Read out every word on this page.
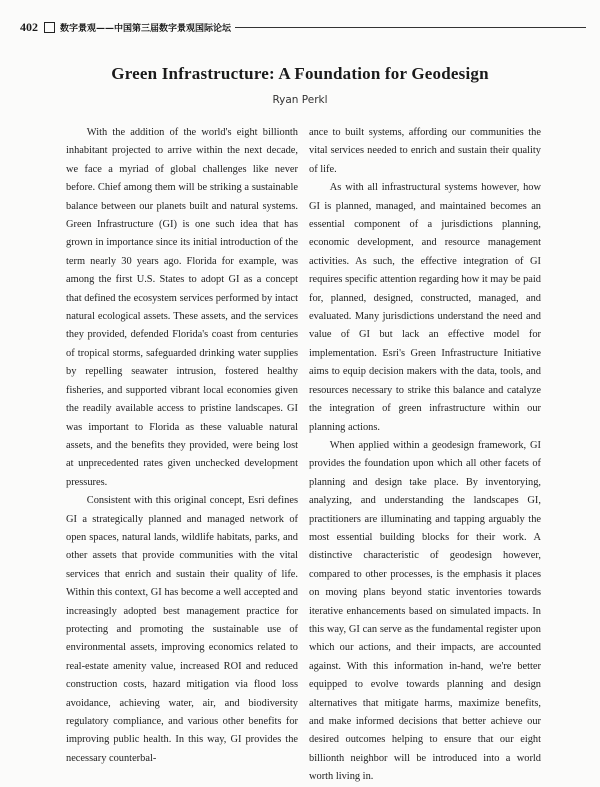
402 数字景观——中国第三届数字景观国际论坛
Green Infrastructure: A Foundation for Geodesign
Ryan Perkl

With the addition of the world's eight billionth inhabitant projected to arrive within the next decade, we face a myriad of global challenges like never before. Chief among them will be striking a sustainable balance between our planets built and natural systems. Green Infrastructure (GI) is one such idea that has grown in importance since its initial introduction of the term nearly 30 years ago. Florida for example, was among the first U.S. States to adopt GI as a concept that defined the ecosystem services performed by intact natural ecological assets. These assets, and the services they provided, defended Florida's coast from centuries of tropical storms, safeguarded drinking water supplies by repelling seawater intrusion, fostered healthy fisheries, and supported vibrant local economies given the readily available access to pristine landscapes. GI was important to Florida as these valuable natural assets, and the benefits they provided, were being lost at unprecedented rates given unchecked development pressures.

Consistent with this original concept, Esri defines GI a strategically planned and managed network of open spaces, natural lands, wildlife habitats, parks, and other assets that provide communities with the vital services that enrich and sustain their quality of life. Within this context, GI has become a well accepted and increasingly adopted best management practice for protecting and promoting the sustainable use of environmental assets, improving economics related to real-estate amenity value, increased ROI and reduced construction costs, hazard mitigation via flood loss avoidance, achieving water, air, and biodiversity regulatory compliance, and various other benefits for improving public health. In this way, GI provides the necessary counterbal-

ance to built systems, affording our communities the vital services needed to enrich and sustain their quality of life.

As with all infrastructural systems however, how GI is planned, managed, and maintained becomes an essential component of a jurisdictions planning, economic development, and resource management activities. As such, the effective integration of GI requires specific attention regarding how it may be paid for, planned, designed, constructed, managed, and evaluated. Many jurisdictions understand the need and value of GI but lack an effective model for implementation. Esri's Green Infrastructure Initiative aims to equip decision makers with the data, tools, and resources necessary to strike this balance and catalyze the integration of green infrastructure within our planning actions.

When applied within a geodesign framework, GI provides the foundation upon which all other facets of planning and design take place. By inventorying, analyzing, and understanding the landscapes GI, practitioners are illuminating and tapping arguably the most essential building blocks for their work. A distinctive characteristic of geodesign however, compared to other processes, is the emphasis it places on moving plans beyond static inventories towards iterative enhancements based on simulated impacts. In this way, GI can serve as the fundamental register upon which our actions, and their impacts, are accounted against. With this information in-hand, we're better equipped to evolve towards planning and design alternatives that mitigate harms, maximize benefits, and make informed decisions that better achieve our desired outcomes helping to ensure that our eight billionth neighbor will be introduced into a world worth living in.
